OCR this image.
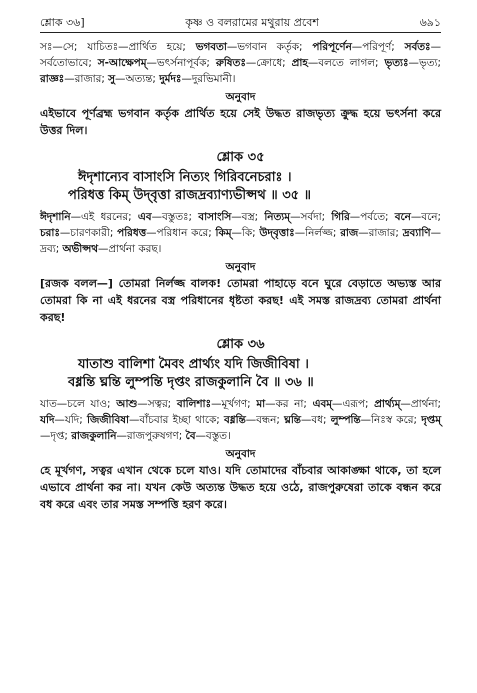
শ্লোক ৩৬]	কৃষ্ণ ও বলরামের মথুরায় প্রবেশ	৬৯১
সঃ—সে; যাচিতঃ—প্রার্থিত হয়ে; ভগবতা—ভগবান কর্তৃক; পরিপূর্ণেন—পরিপূর্ণ; সর্বতঃ—সর্বতোভাবে; স-আক্ষেপম্—ভৎর্সনাপূর্বক; রুষিতঃ—ক্রোধে; প্রাহ—বলতে লাগল; ভৃত্যঃ—ভৃত্য; রাজ্ঞঃ—রাজার; সু—অত্যন্ত; দুর্মদঃ—দুরভিমানী।
অনুবাদ
এইভাবে পূর্ণব্রহ্ম ভগবান কর্তৃক প্রার্থিত হয়ে সেই উদ্ধত রাজভৃত্য ক্রুদ্ধ হয়ে ভৎর্সনা করে উত্তর দিল।
শ্লোক ৩৫
ঈদৃশান্যেব বাসাংসি নিত্যং গিরিবনেচরাঃ ।
পরিধত্ত কিম্ উদ্‌বৃত্তা রাজদ্রব্যাণ্যভীপ্সথ ॥ ৩৫ ॥
ঈদৃশানি—এই ধরনের; এব—বস্তুতঃ; বাসাংসি—বস্ত্র; নিত্যম্—সর্বদা; গিরি—পর্বতে; বনে—বনে; চরাঃ—চারণকারী; পরিধত্ত—পরিধান করে; কিম্—কি; উদ্‌বৃত্তাঃ—নির্লজ্জ; রাজ—রাজার; দ্রব্যাণি—দ্রব্য; অভীপ্সথ—প্রার্থনা করছ।
অনুবাদ
[রজক বলল—] তোমরা নির্লজ্জ বালক! তোমরা পাহাড়ে বনে ঘুরে বেড়াতে অভ্যস্ত আর তোমরা কি না এই ধরনের বস্ত্র পরিধানের ধৃষ্টতা করছ! এই সমস্ত রাজদ্রব্য তোমরা প্রার্থনা করছ!
শ্লোক ৩৬
যাতাশু বালিশা মৈবং প্রার্থ্যং যদি জিজীবিষা ।
বধ্নন্তি ঘ্নন্তি লুম্পন্তি দৃপ্তং রাজকুলানি বৈ ॥ ৩৬ ॥
যাত—চলে যাও; আশু—সত্বর; বালিশাঃ—মূর্খগণ; মা—কর না; এবম্—এরূপ; প্রার্থ্যম্—প্রার্থনা; যদি—যদি; জিজীবিষা—বাঁচবার ইচ্ছা থাকে; বধ্নন্তি—বন্ধন; ঘ্নন্তি—বধ; লুম্পন্তি—নিঃস্ব করে; দৃপ্তম্—দৃপ্ত; রাজকুলানি—রাজপুরুষগণ; বৈ—বস্তুত।
অনুবাদ
হে মূর্খগণ, সত্বর এখান থেকে চলে যাও। যদি তোমাদের বাঁচবার আকাঙ্ক্ষা থাকে, তা হলে এভাবে প্রার্থনা কর না। যখন কেউ অত্যন্ত উদ্ধত হয়ে ওঠে, রাজপুরুষেরা তাকে বন্ধন করে বধ করে এবং তার সমস্ত সম্পত্তি হরণ করে।
